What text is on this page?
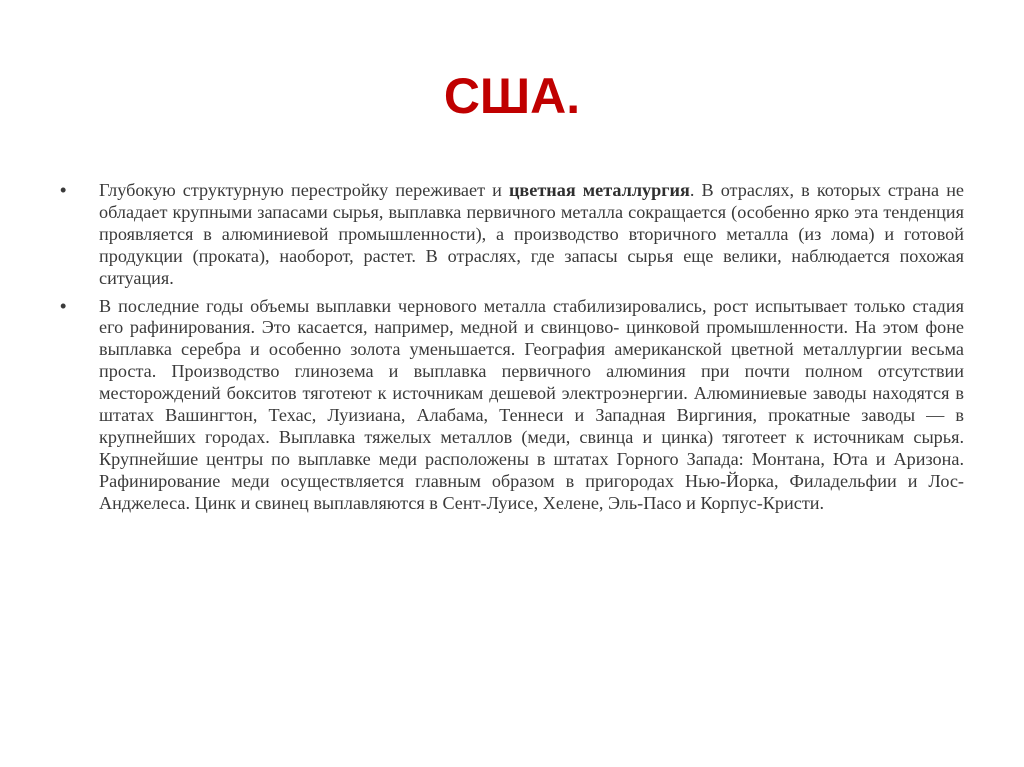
США.

•	Глубокую структурную перестройку переживает и цветная металлургия. В отраслях, в которых страна не обладает крупными запасами сырья, выплавка первичного металла сокращается (особенно ярко эта тенденция проявляется в алюминиевой промышленности), а производство вторичного металла (из лома) и готовой продукции (проката), наоборот, растет. В отраслях, где запасы сырья еще велики, наблюдается похожая ситуация.

•	В последние годы объемы выплавки чернового металла стабилизировались, рост испытывает только стадия его рафинирования. Это касается, например, медной и свинцово- цинковой промышленности. На этом фоне выплавка серебра и особенно золота уменьшается. География американской цветной металлургии весьма проста. Производство глинозема и выплавка первичного алюминия при почти полном отсутствии месторождений бокситов тяготеют к источникам дешевой электроэнергии. Алюминиевые заводы находятся в штатах Вашингтон, Техас, Луизиана, Алабама, Теннеси и Западная Виргиния, прокатные заводы — в крупнейших городах. Выплавка тяжелых металлов (меди, свинца и цинка) тяготеет к источникам сырья. Крупнейшие центры по выплавке меди расположены в штатах Горного Запада: Монтана, Юта и Аризона. Рафинирование меди осуществляется главным образом в пригородах Нью-Йорка, Филадельфии и Лос-Анджелеса. Цинк и свинец выплавляются в Сент-Луисе, Хелене, Эль-Пасо и Корпус-Кристи.
